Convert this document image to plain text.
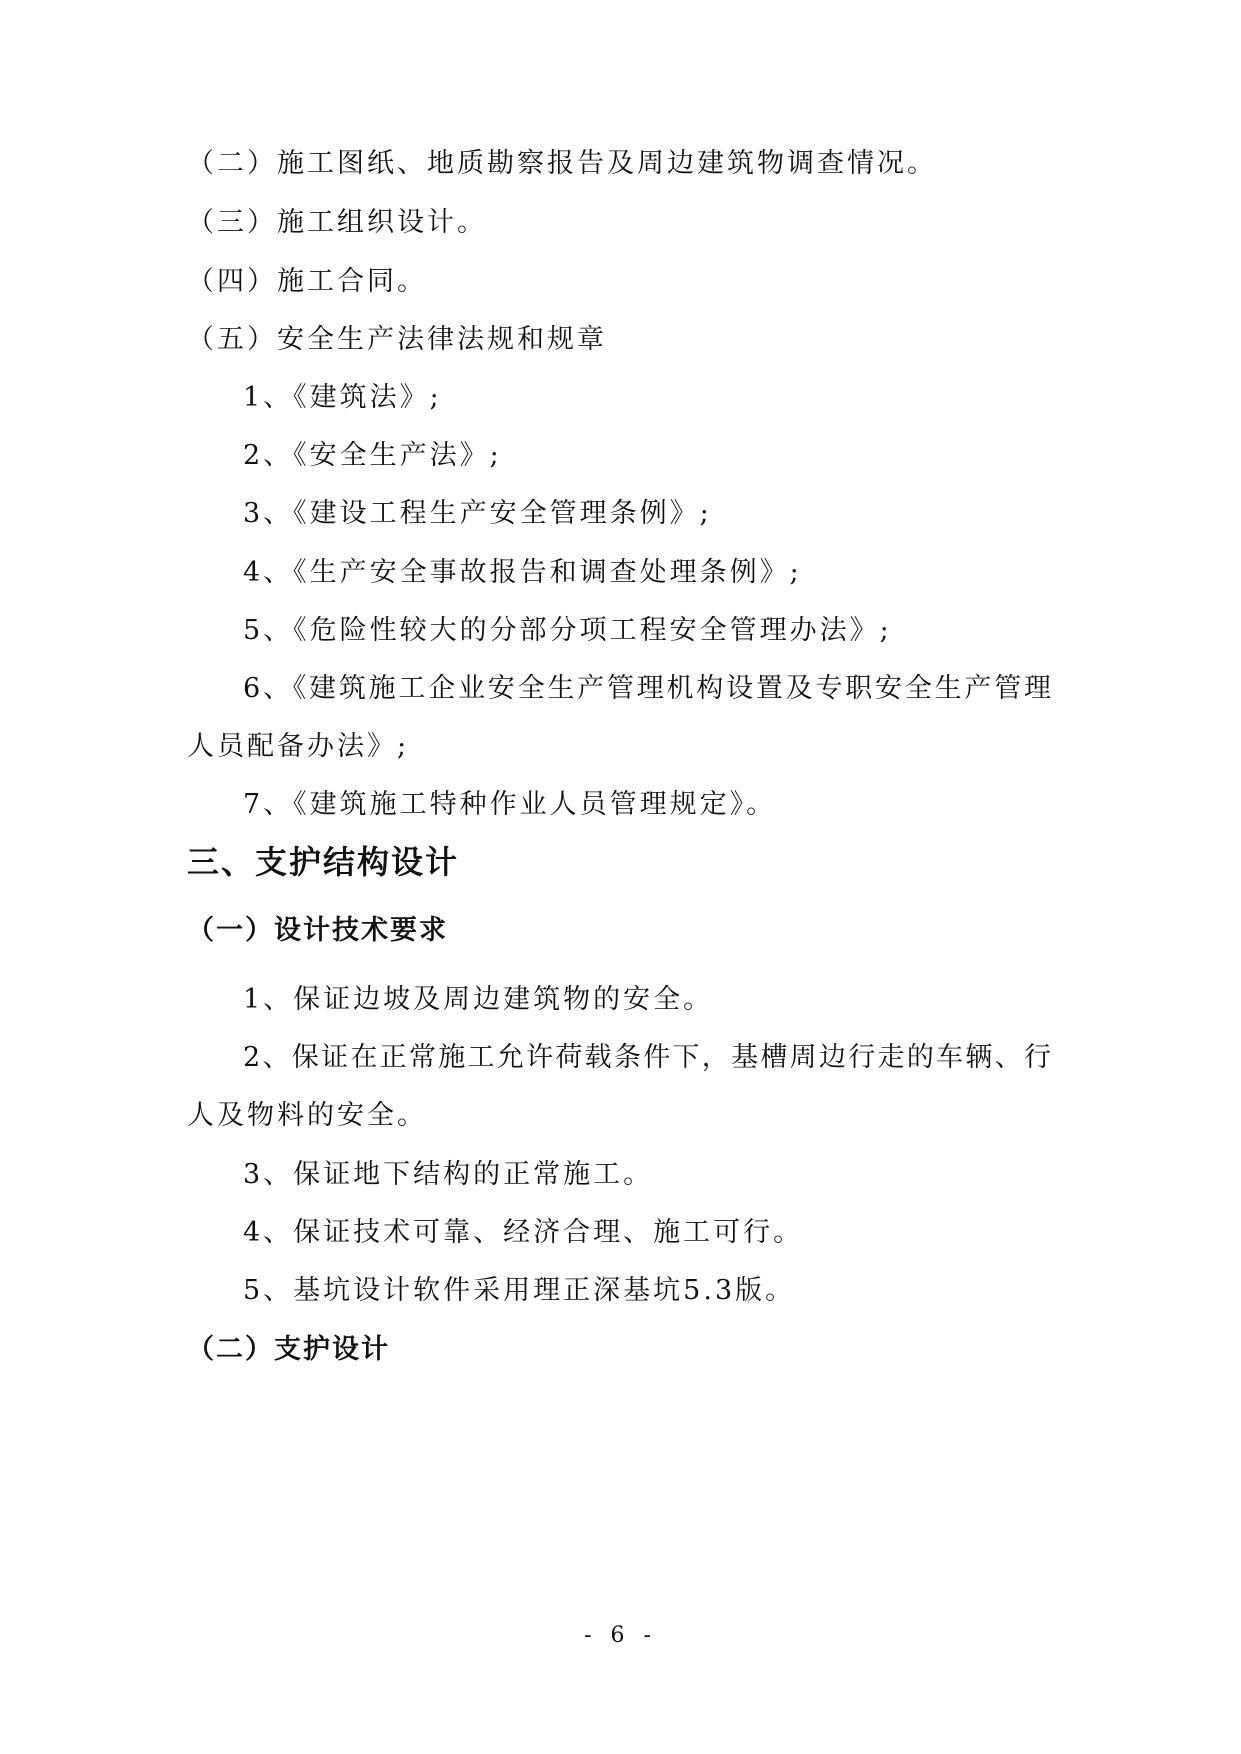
（二）施工图纸、地质勘察报告及周边建筑物调查情况。
（三）施工组织设计。
（四）施工合同。
（五）安全生产法律法规和规章
1、《建筑法》;
2、《安全生产法》;
3、《建设工程生产安全管理条例》;
4、《生产安全事故报告和调查处理条例》;
5、《危险性较大的分部分项工程安全管理办法》;
6、《建筑施工企业安全生产管理机构设置及专职安全生产管理
人员配备办法》;
7、《建筑施工特种作业人员管理规定》。
三、支护结构设计
（一）设计技术要求
1、保证边坡及周边建筑物的安全。
2、保证在正常施工允许荷载条件下，基槽周边行走的车辆、行
人及物料的安全。
3、保证地下结构的正常施工。
4、保证技术可靠、经济合理、施工可行。
5、基坑设计软件采用理正深基坑5.3版。
（二）支护设计
- 6 -
